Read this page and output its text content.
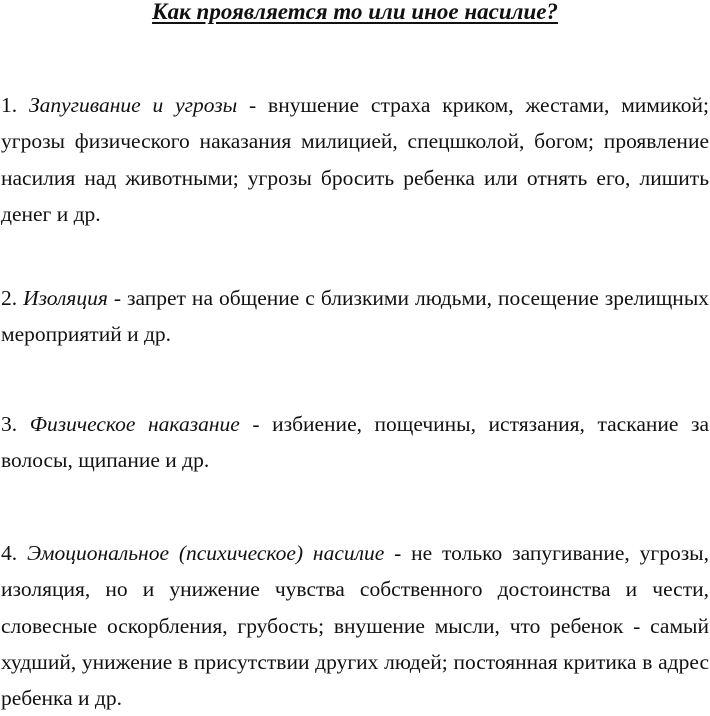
Как проявляется то или иное насилие?

1. Запугивание и угрозы - внушение страха криком, жестами, мимикой; угрозы физического наказания милицией, спецшколой, богом; проявление насилия над животными; угрозы бросить ребенка или отнять его, лишить денег и др.

2. Изоляция - запрет на общение с близкими людьми, посещение зрелищных мероприятий и др.

3. Физическое наказание - избиение, пощечины, истязания, таскание за волосы, щипание и др.

4. Эмоциональное (психическое) насилие - не только запугивание, угрозы, изоляция, но и унижение чувства собственного достоинства и чести, словесные оскорбления, грубость; внушение мысли, что ребенок - самый худший, унижение в присутствии других людей; постоянная критика в адрес ребенка и др.
